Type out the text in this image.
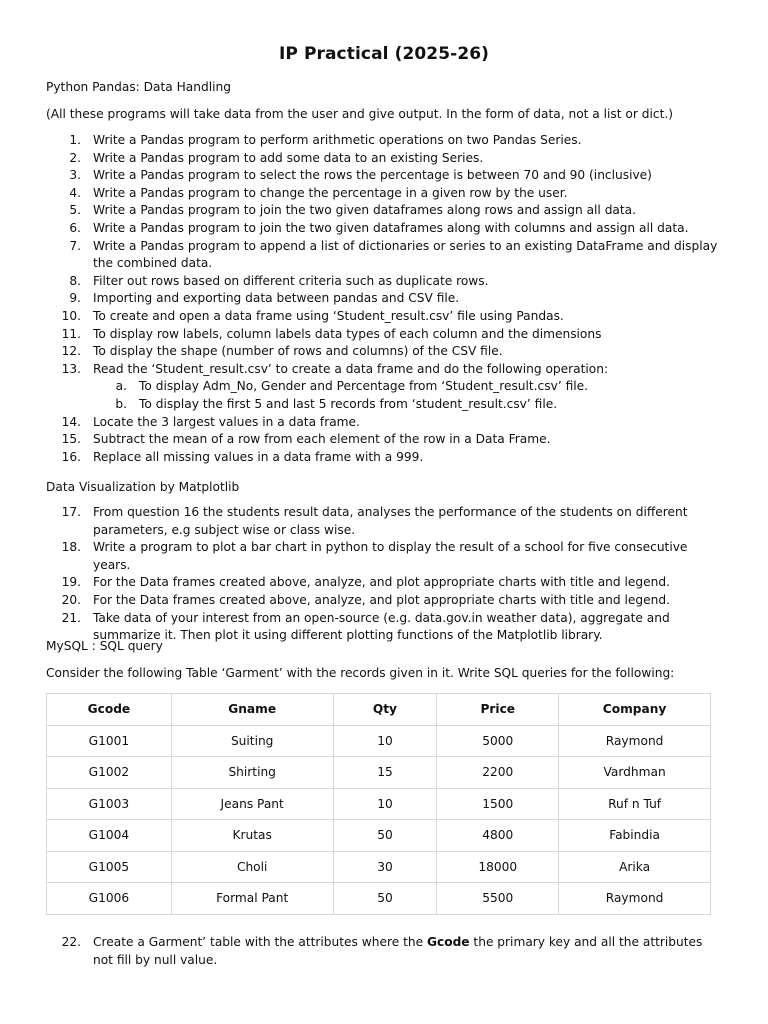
IP Practical (2025-26)

Python Pandas: Data Handling

(All these programs will take data from the user and give output. In the form of data, not a list or dict.)

1. Write a Pandas program to perform arithmetic operations on two Pandas Series.
2. Write a Pandas program to add some data to an existing Series.
3. Write a Pandas program to select the rows the percentage is between 70 and 90 (inclusive)
4. Write a Pandas program to change the percentage in a given row by the user.
5. Write a Pandas program to join the two given dataframes along rows and assign all data.
6. Write a Pandas program to join the two given dataframes along with columns and assign all data.
7. Write a Pandas program to append a list of dictionaries or series to an existing DataFrame and display the combined data.
8. Filter out rows based on different criteria such as duplicate rows.
9. Importing and exporting data between pandas and CSV file.
10. To create and open a data frame using ‘Student_result.csv’ file using Pandas.
11. To display row labels, column labels data types of each column and the dimensions
12. To display the shape (number of rows and columns) of the CSV file.
13. Read the ‘Student_result.csv’ to create a data frame and do the following operation:
a. To display Adm_No, Gender and Percentage from ‘Student_result.csv’ file.
b. To display the first 5 and last 5 records from ‘student_result.csv’ file.
14. Locate the 3 largest values in a data frame.
15. Subtract the mean of a row from each element of the row in a Data Frame.
16. Replace all missing values in a data frame with a 999.

Data Visualization by Matplotlib

17. From question 16 the students result data, analyses the performance of the students on different parameters, e.g subject wise or class wise.
18. Write a program to plot a bar chart in python to display the result of a school for five consecutive years.
19. For the Data frames created above, analyze, and plot appropriate charts with title and legend.
20. For the Data frames created above, analyze, and plot appropriate charts with title and legend.
21. Take data of your interest from an open-source (e.g. data.gov.in weather data), aggregate and summarize it. Then plot it using different plotting functions of the Matplotlib library.

MySQL : SQL query

Consider the following Table ‘Garment’ with the records given in it. Write SQL queries for the following:

Gcode	Gname	Qty	Price	Company
G1001	Suiting	10	5000	Raymond
G1002	Shirting	15	2200	Vardhman
G1003	Jeans Pant	10	1500	Ruf n Tuf
G1004	Krutas	50	4800	Fabindia
G1005	Choli	30	18000	Arika
G1006	Formal Pant	50	5500	Raymond
22. Create a Garment’ table with the attributes where the Gcode the primary key and all the attributes not fill by null value.
